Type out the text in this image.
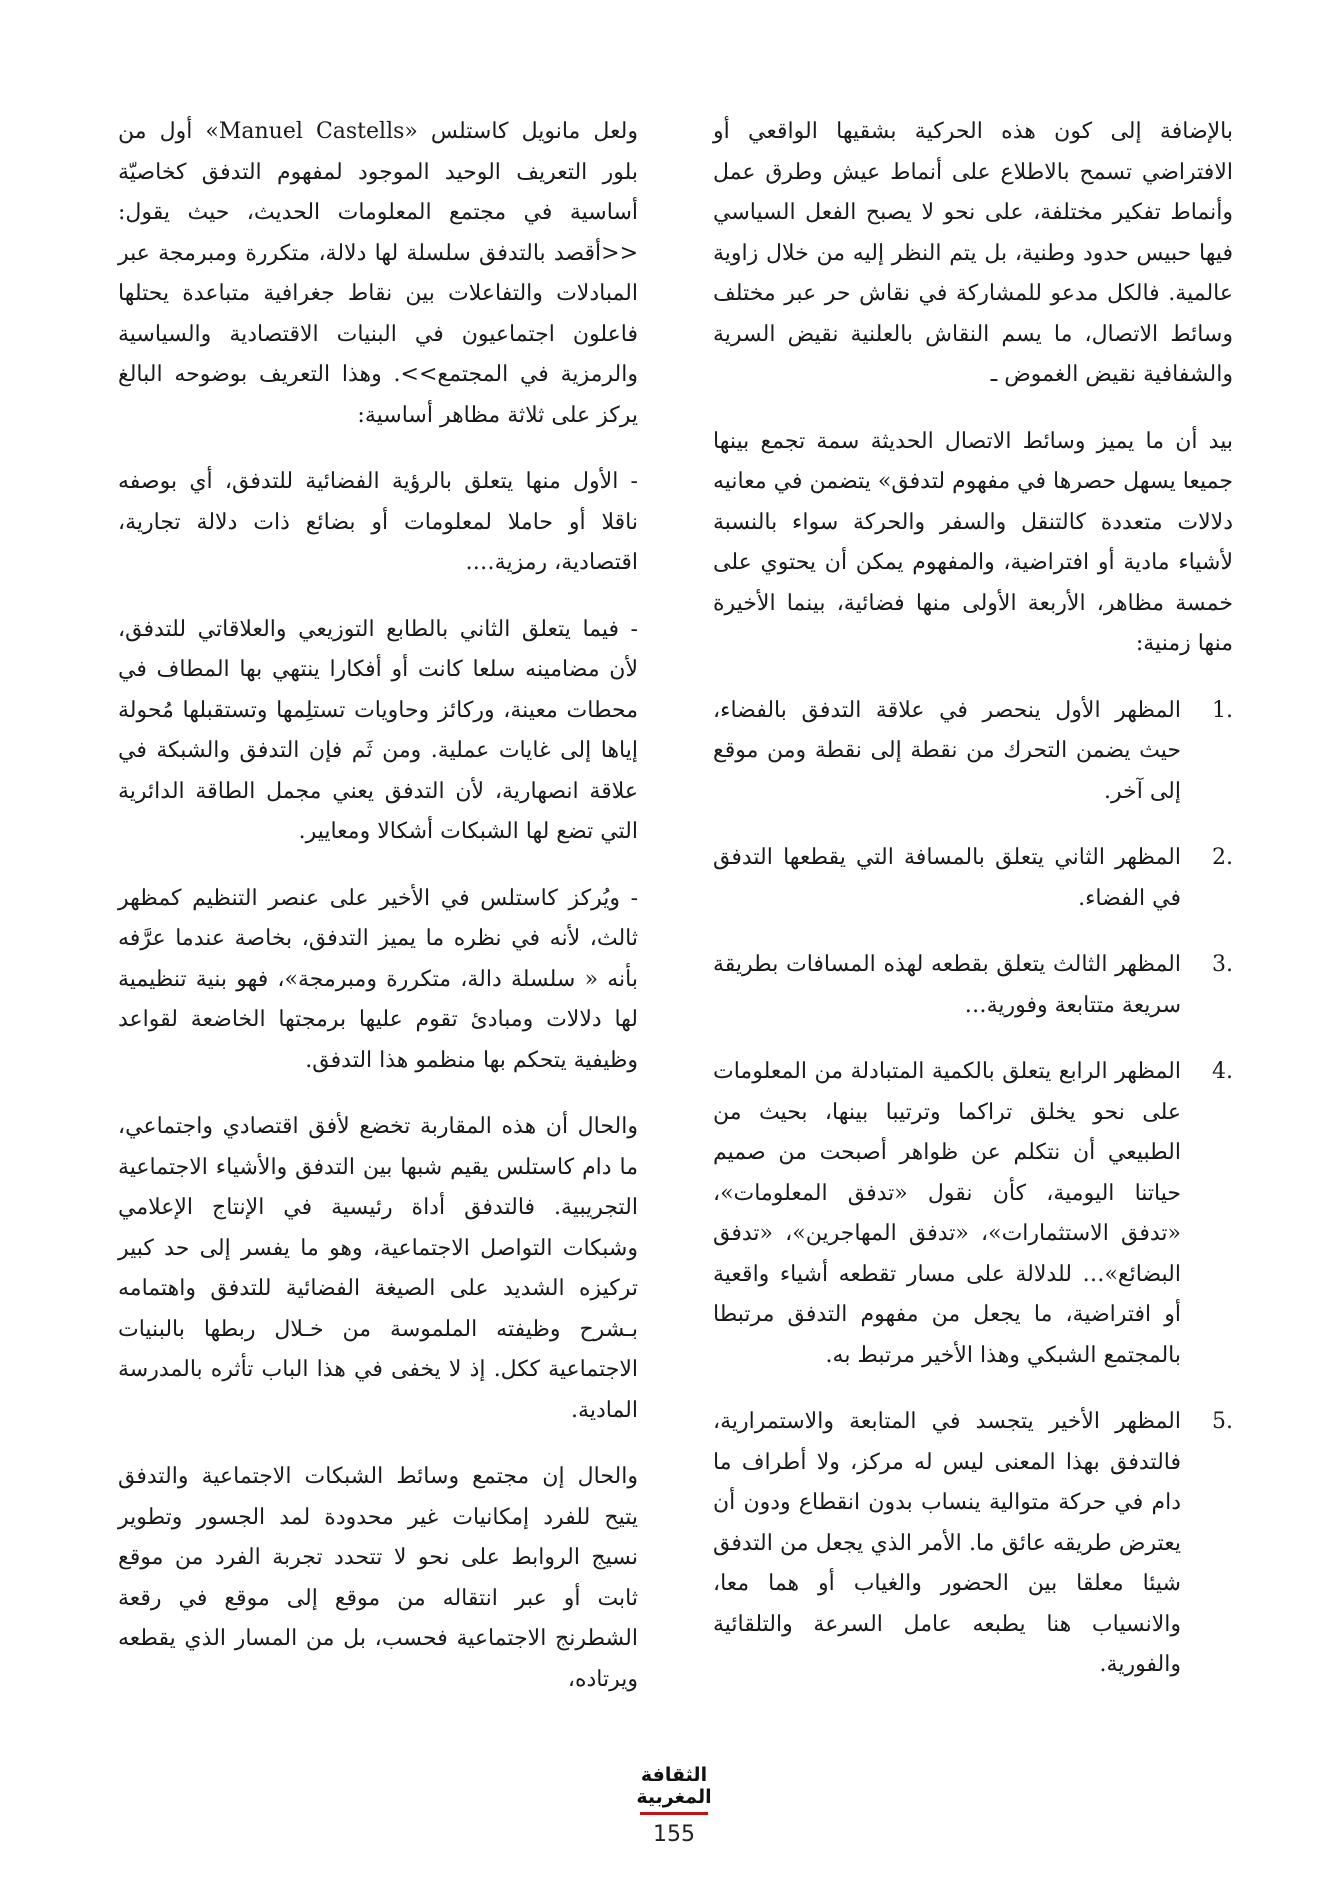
بالإضافة إلى كون هذه الحركية بشقيها الواقعي أو الافتراضي تسمح بالاطلاع على أنماط عيش وطرق عمل وأنماط تفكير مختلفة، على نحو لا يصبح الفعل السياسي فيها حبيس حدود وطنية، بل يتم النظر إليه من خلال زاوية عالمية. فالكل مدعو للمشاركة في نقاش حر عبر مختلف وسائط الاتصال، ما يسم النقاش بالعلنية نقيض السرية والشفافية نقيض الغموض ـ

بيد أن ما يميز وسائط الاتصال الحديثة سمة تجمع بينها جميعا يسهل حصرها في مفهوم لتدفق» يتضمن في معانيه دلالات متعددة كالتنقل والسفر والحركة سواء بالنسبة لأشياء مادية أو افتراضية، والمفهوم يمكن أن يحتوي على خمسة مظاهر، الأربعة الأولى منها فضائية، بينما الأخيرة منها زمنية:

1.
المظهر الأول ينحصر في علاقة التدفق بالفضاء، حيث يضمن التحرك من نقطة إلى نقطة ومن موقع إلى آخر.
2.
المظهر الثاني يتعلق بالمسافة التي يقطعها التدفق في الفضاء.
3.
المظهر الثالث يتعلق بقطعه لهذه المسافات بطريقة سريعة متتابعة وفورية…
4.
المظهر الرابع يتعلق بالكمية المتبادلة من المعلومات على نحو يخلق تراكما وترتيبا بينها، بحيث من الطبيعي أن نتكلم عن ظواهر أصبحت من صميم حياتنا اليومية، كأن نقول «تدفق المعلومات»، «تدفق الاستثمارات»، «تدفق المهاجرين»، «تدفق البضائع»… للدلالة على مسار تقطعه أشياء واقعية أو افتراضية، ما يجعل من مفهوم التدفق مرتبطا بالمجتمع الشبكي وهذا الأخير مرتبط به.
5.
المظهر الأخير يتجسد في المتابعة والاستمرارية، فالتدفق بهذا المعنى ليس له مركز، ولا أطراف ما دام في حركة متوالية ينساب بدون انقطاع ودون أن يعترض طريقه عائق ما. الأمر الذي يجعل من التدفق شيئا معلقا بين الحضور والغياب أو هما معا، والانسياب هنا يطبعه عامل السرعة والتلقائية والفورية.

ولعل مانويل كاستلس «Manuel Castells» أول من بلور التعريف الوحيد الموجود لمفهوم التدفق كخاصيّة أساسية في مجتمع المعلومات الحديث، حيث يقول: <<أقصد بالتدفق سلسلة لها دلالة، متكررة ومبرمجة عبر المبادلات والتفاعلات بين نقاط جغرافية متباعدة يحتلها فاعلون اجتماعيون في البنيات الاقتصادية والسياسية والرمزية في المجتمع>>. وهذا التعريف بوضوحه البالغ يركز على ثلاثة مظاهر أساسية:

- الأول منها يتعلق بالرؤية الفضائية للتدفق، أي بوصفه ناقلا أو حاملا لمعلومات أو بضائع ذات دلالة تجارية، اقتصادية، رمزية….

- فيما يتعلق الثاني بالطابع التوزيعي والعلاقاتي للتدفق، لأن مضامينه سلعا كانت أو أفكارا ينتهي بها المطاف في محطات معينة، وركائز وحاويات تستلِمها وتستقبلها مُحولة إياها إلى غايات عملية. ومن ثَم فإن التدفق والشبكة في علاقة انصهارية، لأن التدفق يعني مجمل الطاقة الدائرية التي تضع لها الشبكات أشكالا ومعايير.

- ويُركز كاستلس في الأخير على عنصر التنظيم كمظهر ثالث، لأنه في نظره ما يميز التدفق، بخاصة عندما عرَّفه بأنه « سلسلة دالة، متكررة ومبرمجة»، فهو بنية تنظيمية لها دلالات ومبادئ تقوم عليها برمجتها الخاضعة لقواعد وظيفية يتحكم بها منظمو هذا التدفق.

والحال أن هذه المقاربة تخضع لأفق اقتصادي واجتماعي، ما دام كاستلس يقيم شبها بين التدفق والأشياء الاجتماعية التجريبية. فالتدفق أداة رئيسية في الإنتاج الإعلامي وشبكات التواصل الاجتماعية، وهو ما يفسر إلى حد كبير تركيزه الشديد على الصيغة الفضائية للتدفق واهتمامه بـشرح وظيفته الملموسة من خـلال ربطها بالبنيات الاجتماعية ككل. إذ لا يخفى في هذا الباب تأثره بالمدرسة المادية.

والحال إن مجتمع وسائط الشبكات الاجتماعية والتدفق يتيح للفرد إمكانيات غير محدودة لمد الجسور وتطوير نسيج الروابط على نحو لا تتحدد تجربة الفرد من موقع ثابت أو عبر انتقاله من موقع إلى موقع في رقعة الشطرنج الاجتماعية فحسب، بل من المسار الذي يقطعه ويرتاده،

الثقافة
المغربية
155
